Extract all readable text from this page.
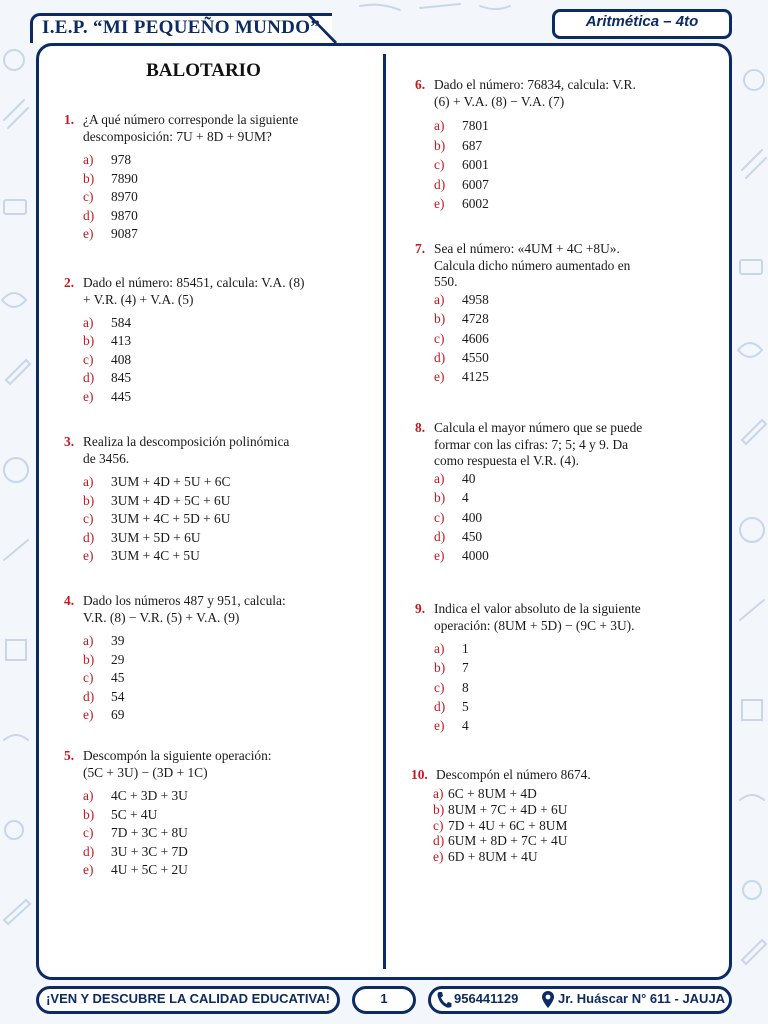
I.E.P. “MI PEQUEÑO MUNDO”	Aritmética – 4to
BALOTARIO
1. ¿A qué número corresponde la siguiente
descomposición: 7U + 8D + 9UM?
a) 978
b) 7890
c) 8970
d) 9870
e) 9087
2. Dado el número: 85451, calcula: V.A. (8)
+ V.R. (4) + V.A. (5)
a) 584
b) 413
c) 408
d) 845
e) 445
3. Realiza la descomposición polinómica
de 3456.
a) 3UM + 4D + 5U + 6C
b) 3UM + 4D + 5C + 6U
c) 3UM + 4C + 5D + 6U
d) 3UM + 5D + 6U
e) 3UM + 4C + 5U
4. Dado los números 487 y 951, calcula:
V.R. (8) − V.R. (5) + V.A. (9)
a) 39
b) 29
c) 45
d) 54
e) 69
5. Descompón la siguiente operación:
(5C + 3U) − (3D + 1C)
a) 4C + 3D + 3U
b) 5C + 4U
c) 7D + 3C + 8U
d) 3U + 3C + 7D
e) 4U + 5C + 2U
6. Dado el número: 76834, calcula: V.R.
(6) + V.A. (8) − V.A. (7)
a) 7801
b) 687
c) 6001
d) 6007
e) 6002
7. Sea el número: «4UM + 4C +8U».
Calcula dicho número aumentado en
550.
a) 4958
b) 4728
c) 4606
d) 4550
e) 4125
8. Calcula el mayor número que se puede
formar con las cifras: 7; 5; 4 y 9. Da
como respuesta el V.R. (4).
a) 40
b) 4
c) 400
d) 450
e) 4000
9. Indica el valor absoluto de la siguiente
operación: (8UM + 5D) − (9C + 3U).
a) 1
b) 7
c) 8
d) 5
e) 4
10. Descompón el número 8674.
a) 6C + 8UM + 4D
b) 8UM + 7C + 4D + 6U
c) 7D + 4U + 6C + 8UM
d) 6UM + 8D + 7C + 4U
e) 6D + 8UM + 4U
¡VEN Y DESCUBRE LA CALIDAD EDUCATIVA!	1	956441129	Jr. Huáscar N° 611 - JAUJA
